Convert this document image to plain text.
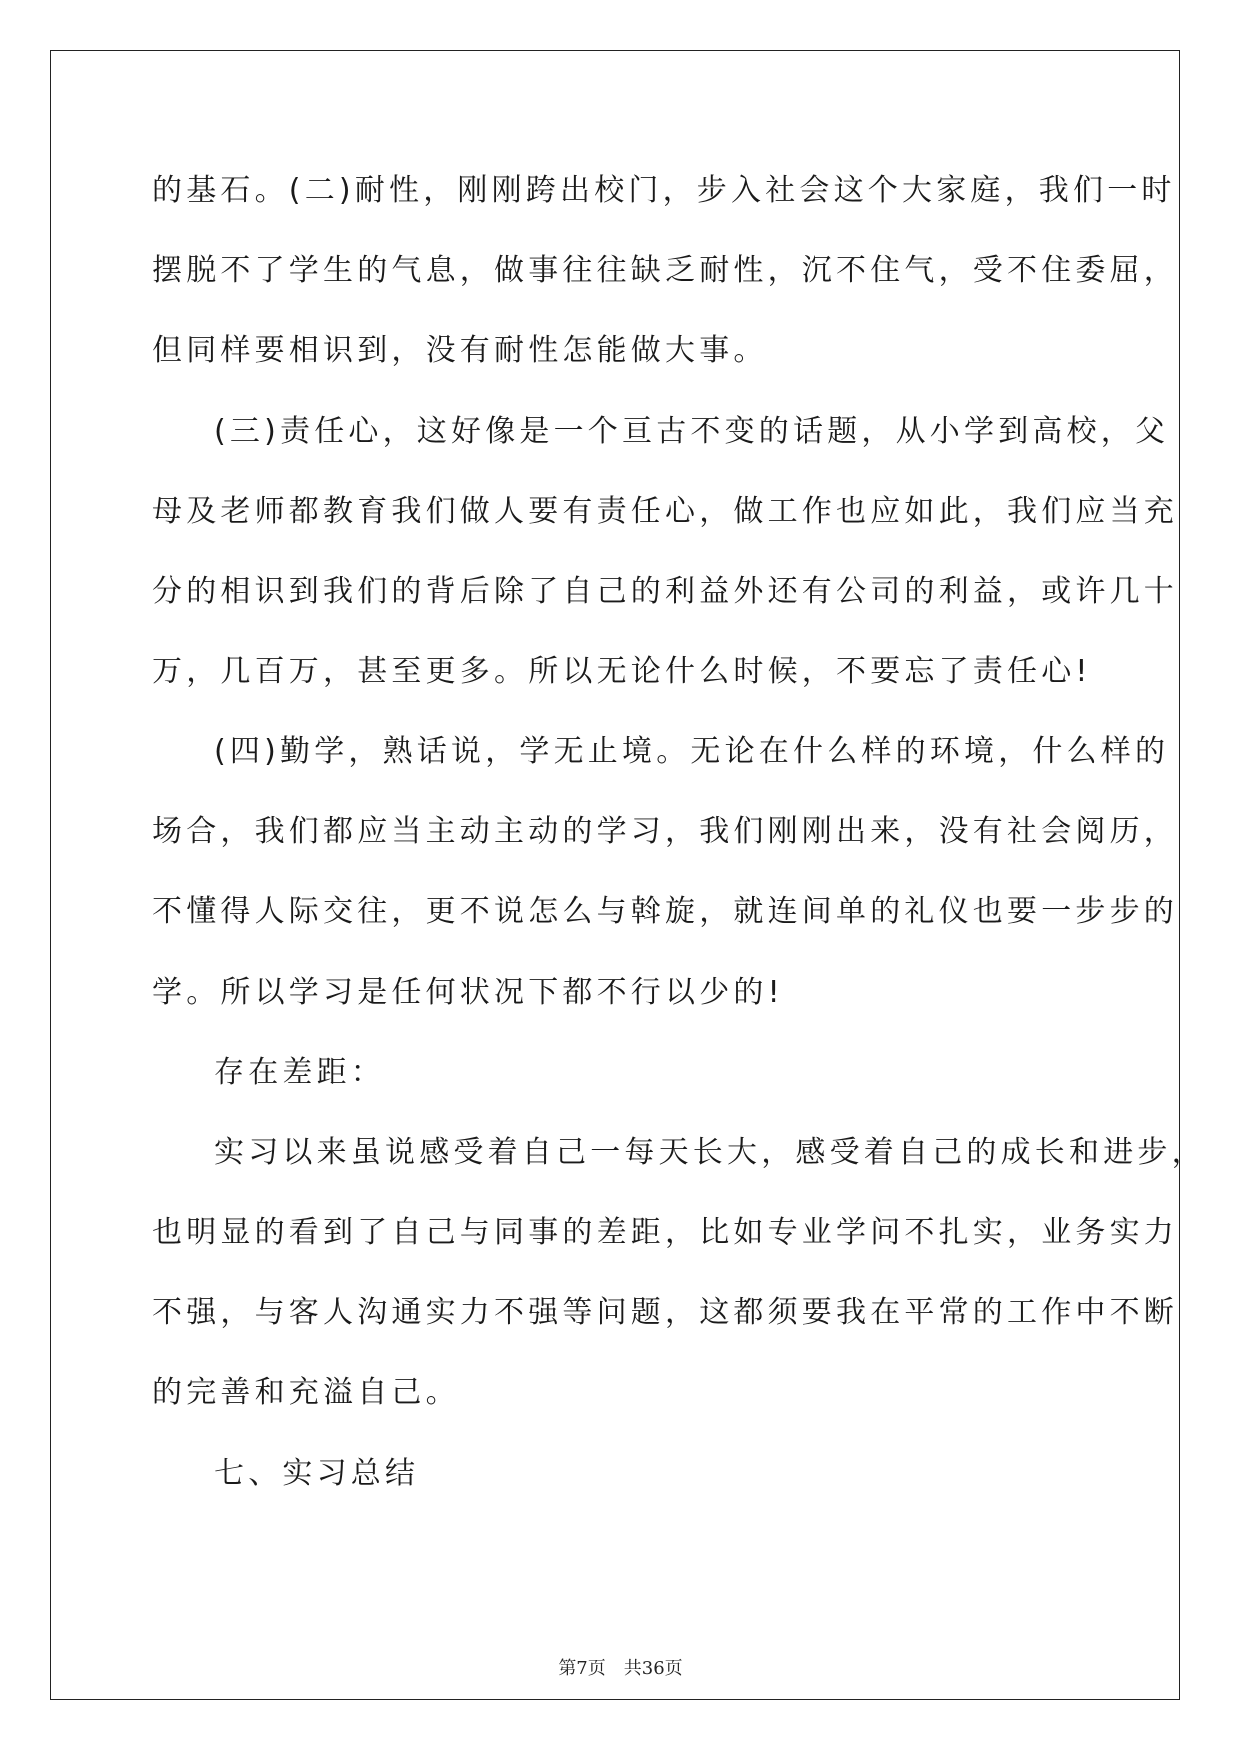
的基石。(二)耐性，刚刚跨出校门，步入社会这个大家庭，我们一时
摆脱不了学生的气息，做事往往缺乏耐性，沉不住气，受不住委屈，
但同样要相识到，没有耐性怎能做大事。
(三)责任心，这好像是一个亘古不变的话题，从小学到高校，父
母及老师都教育我们做人要有责任心，做工作也应如此，我们应当充
分的相识到我们的背后除了自己的利益外还有公司的利益，或许几十
万，几百万，甚至更多。所以无论什么时候，不要忘了责任心!
(四)勤学，熟话说，学无止境。无论在什么样的环境，什么样的
场合，我们都应当主动主动的学习，我们刚刚出来，没有社会阅历，
不懂得人际交往，更不说怎么与斡旋，就连间单的礼仪也要一步步的
学。所以学习是任何状况下都不行以少的!
存在差距：
实习以来虽说感受着自己一每天长大，感受着自己的成长和进步，
也明显的看到了自己与同事的差距，比如专业学问不扎实，业务实力
不强，与客人沟通实力不强等问题，这都须要我在平常的工作中不断
的完善和充溢自己。
七、实习总结
第7页　共36页
